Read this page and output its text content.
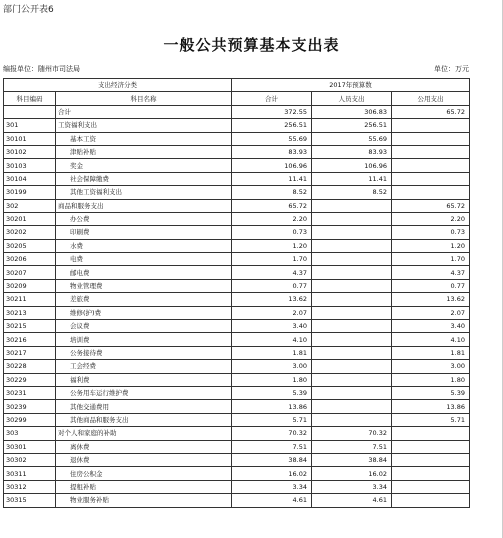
部门公开表6
一般公共预算基本支出表
编报单位：随州市司法局	单位：万元
支出经济分类		2017年预算数		
科目编码	科目名称	合计	人员支出	公用支出
	合计	372.55	306.83	65.72
301	工资福利支出	256.51	256.51	
30101	基本工资	55.69	55.69	
30102	津贴补贴	83.93	83.93	
30103	奖金	106.96	106.96	
30104	社会保障缴费	11.41	11.41	
30199	其他工资福利支出	8.52	8.52	
302	商品和服务支出	65.72		65.72
30201	办公费	2.20		2.20
30202	印刷费	0.73		0.73
30205	水费	1.20		1.20
30206	电费	1.70		1.70
30207	邮电费	4.37		4.37
30209	物业管理费	0.77		0.77
30211	差旅费	13.62		13.62
30213	维修(护)费	2.07		2.07
30215	会议费	3.40		3.40
30216	培训费	4.10		4.10
30217	公务接待费	1.81		1.81
30228	工会经费	3.00		3.00
30229	福利费	1.80		1.80
30231	公务用车运行维护费	5.39		5.39
30239	其他交通费用	13.86		13.86
30299	其他商品和服务支出	5.71		5.71
303	对个人和家庭的补助	70.32	70.32	
30301	离休费	7.51	7.51	
30302	退休费	38.84	38.84	
30311	住房公积金	16.02	16.02	
30312	提租补贴	3.34	3.34	
30315	物业服务补贴	4.61	4.61	
